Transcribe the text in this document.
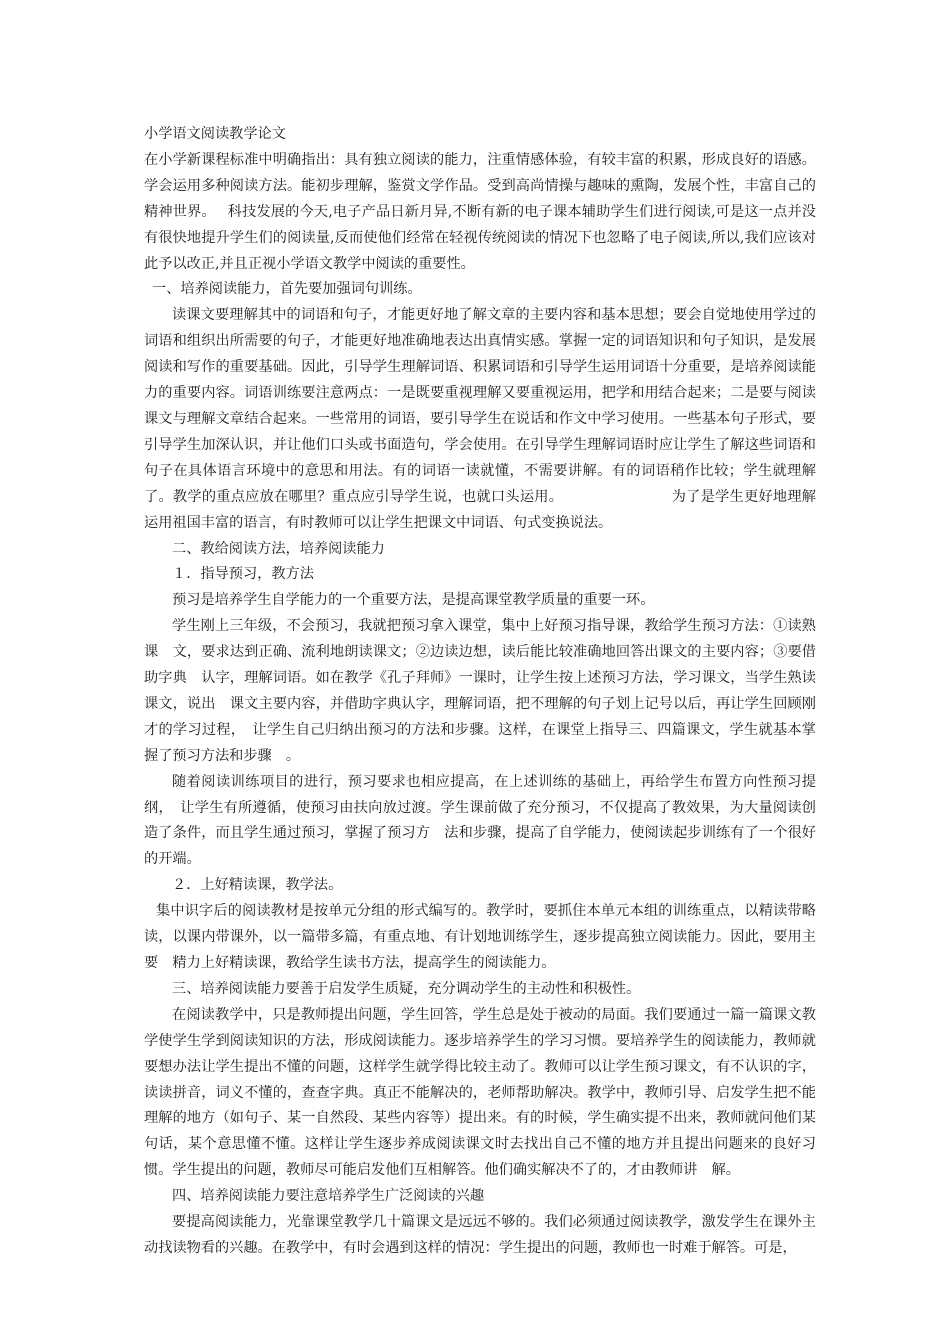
小学语文阅读教学论文

在小学新课程标准中明确指出：具有独立阅读的能力，注重情感体验，有较丰富的积累，形成良好的语感。学会运用多种阅读方法。能初步理解，鉴赏文学作品。受到高尚情操与趣味的熏陶，发展个性，丰富自己的精神世界。　 科技发展的今天,电子产品日新月异,不断有新的电子课本辅助学生们进行阅读,可是这一点并没有很快地提升学生们的阅读量,反而使他们经常在轻视传统阅读的情况下也忽略了电子阅读,所以,我们应该对此予以改正,并且正视小学语文教学中阅读的重要性。

一、培养阅读能力，首先要加强词句训练。

读课文要理解其中的词语和句子，才能更好地了解文章的主要内容和基本思想；要会自觉地使用学过的词语和组织出所需要的句子，才能更好地准确地表达出真情实感。掌握一定的词语知识和句子知识，是发展阅读和写作的重要基础。因此，引导学生理解词语、积累词语和引导学生运用词语十分重要，是培养阅读能力的重要内容。词语训练要注意两点：一是既要重视理解又要重视运用，把学和用结合起来；二是要与阅读课文与理解文章结合起来。一些常用的词语，要引导学生在说话和作文中学习使用。一些基本句子形式，要引导学生加深认识，并让他们口头或书面造句，学会使用。在引导学生理解词语时应让学生了解这些词语和句子在具体语言环境中的意思和用法。有的词语一读就懂，不需要讲解。有的词语稍作比较；学生就理解了。教学的重点应放在哪里？重点应引导学生说，也就口头运用。　　　　　　　　为了是学生更好地理解运用祖国丰富的语言，有时教师可以让学生把课文中词语、句式变换说法。

二、教给阅读方法，培养阅读能力

１．指导预习，教方法

预习是培养学生自学能力的一个重要方法，是提高课堂教学质量的重要一环。

学生刚上三年级，不会预习，我就把预习拿入课堂，集中上好预习指导课，教给学生预习方法：①读熟课　文，要求达到正确、流利地朗读课文；②边读边想，读后能比较准确地回答出课文的主要内容；③要借助字典　认字，理解词语。如在教学《孔子拜师》一课时，让学生按上述预习方法，学习课文，当学生熟读课文，说出　课文主要内容，并借助字典认字，理解词语，把不理解的句子划上记号以后，再让学生回顾刚才的学习过程，　让学生自己归纳出预习的方法和步骤。这样，在课堂上指导三、四篇课文，学生就基本掌握了预习方法和步骤　。

随着阅读训练项目的进行，预习要求也相应提高，在上述训练的基础上，再给学生布置方向性预习提纲，　让学生有所遵循，使预习由扶向放过渡。学生课前做了充分预习，不仅提高了教效果，为大量阅读创造了条件，而且学生通过预习，掌握了预习方　法和步骤，提高了自学能力，使阅读起步训练有了一个很好的开端。

２．上好精读课，教学法。

集中识字后的阅读教材是按单元分组的形式编写的。教学时，要抓住本单元本组的训练重点，以精读带略　读，以课内带课外，以一篇带多篇，有重点地、有计划地训练学生，逐步提高独立阅读能力。因此，要用主要　精力上好精读课，教给学生读书方法，提高学生的阅读能力。

三、培养阅读能力要善于启发学生质疑，充分调动学生的主动性和积极性。

在阅读教学中，只是教师提出问题，学生回答，学生总是处于被动的局面。我们要通过一篇一篇课文教学使学生学到阅读知识的方法，形成阅读能力。逐步培养学生的学习习惯。要培养学生的阅读能力，教师就要想办法让学生提出不懂的问题，这样学生就学得比较主动了。教师可以让学生预习课文，有不认识的字，读读拼音，词义不懂的，查查字典。真正不能解决的，老师帮助解决。教学中，教师引导、启发学生把不能理解的地方（如句子、某一自然段、某些内容等）提出来。有的时候，学生确实提不出来，教师就问他们某句话，某个意思懂不懂。这样让学生逐步养成阅读课文时去找出自己不懂的地方并且提出问题来的良好习惯。学生提出的问题，教师尽可能启发他们互相解答。他们确实解决不了的，才由教师讲　解。

四、培养阅读能力要注意培养学生广泛阅读的兴趣

要提高阅读能力，光靠课堂教学几十篇课文是远远不够的。我们必须通过阅读教学，激发学生在课外主动找读物看的兴趣。在教学中，有时会遇到这样的情况：学生提出的问题，教师也一时难于解答。可是，
